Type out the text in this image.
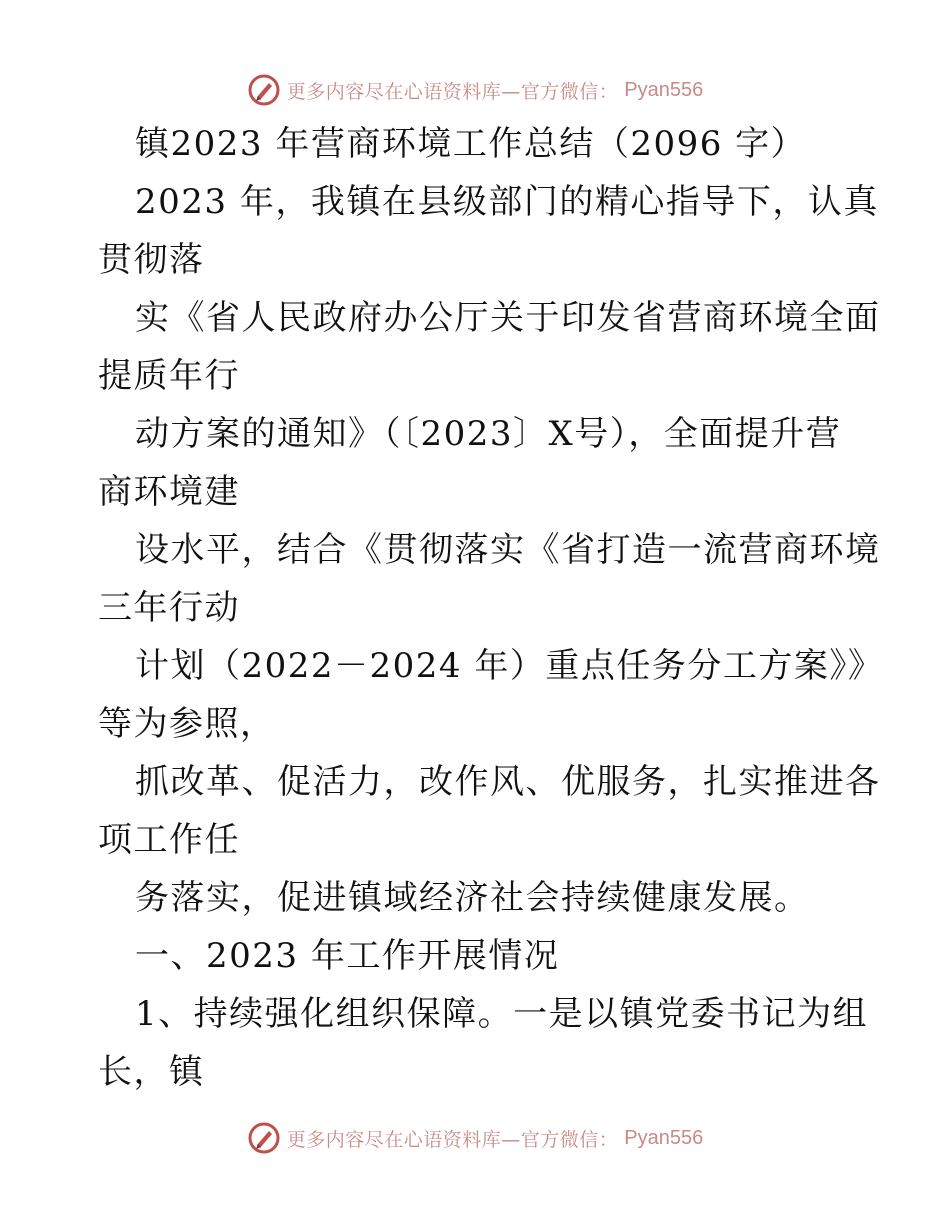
更多内容尽在心语资料库—官方微信： Pyan556
镇2023 年营商环境工作总结（2096 字）
2023 年，我镇在县级部门的精心指导下，认真
贯彻落
实《省人民政府办公厅关于印发省营商环境全面
提质年行
动方案的通知》（〔2023〕X号），全面提升营
商环境建
设水平，结合《贯彻落实《省打造一流营商环境
三年行动
计划（2022－2024 年）重点任务分工方案》》
等为参照，
抓改革、促活力，改作风、优服务，扎实推进各
项工作任
务落实，促进镇域经济社会持续健康发展。
一、2023 年工作开展情况
1、持续强化组织保障。一是以镇党委书记为组
长，镇
更多内容尽在心语资料库—官方微信： Pyan556
